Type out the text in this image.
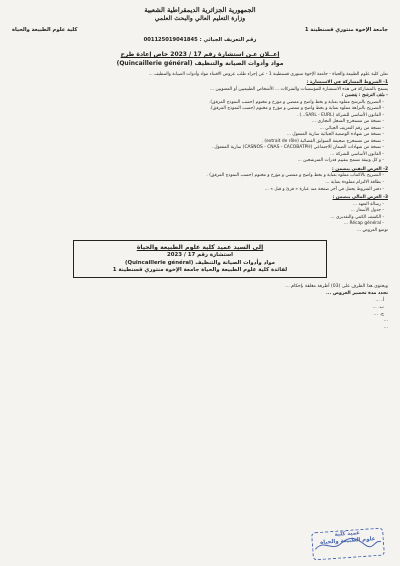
الجمهورية الجزائرية الديمقراطية الشعبية
وزارة التعليم العالي والبحث العلمي
جامعة الإخوة منتوري قسنطينة 1
كلية علوم الطبيعة والحياة
رقم التعريف الجبائي : 001125019041845
إعــلان عـن استشارة رقم 17 / 2023 خاص إعادة طرح
مواد وأدوات الصيانة والتنظيف (Quincaillerie général)

تعلن كلية علوم الطبيعة والحياة - جامعة الإخوة منتوري قسنطينة 1 - عن إجراء طلب عروض الاقتناء مواد وأدوات الصيانة والتنظيف ...

1- الشروط المشاركة في الاستشارة :

يسمح بالمشاركة في هذه الاستشارة للمؤسسات والشركات ... الأشخاص الطبيعيين أو المعنويين ...

- ملف الترشح : يتضمن :
- التصريح بالترشح مملوء بعناية و بخط واضح و ممضي و مؤرخ و مختوم (حسب النموذج المرفق).
- التصريح بالنزاهة مملوء بعناية و بخط واضح و ممضي و مؤرخ و مختوم (حسب النموذج المرفق).
- القانون الأساسي للشركة (SARL - EURL...) .
- نسخة من مستخرج السجل التجاري ...
- نسخة من رقم التعريف الجبائي ...
- نسخة من شهادة الوضعية الجبائية سارية المفعول ...
- نسخة من مستخرج صحيفة السوابق القضائية (extrait de rôle) .
- نسخة من شهادات الضمان الاجتماعي (CASNOS - CNAS - CACOBATPH) سارية المفعول .
- القانون الأساسي للشركة ...
- و كل وثيقة تسمح بتقييم قدرات المترشحين ...
2- العرض التقني يتضمن :
- التصريح بالاكتتاب مملوء بعناية و بخط واضح و ممضي و مؤرخ و مختوم (حسب النموذج المرفق) .
- بطاقة الالتزام مملوءة بعناية ...
- دفتر الشروط يحمل في آخر صفحة منه عبارة « قرئ و قبل » ...
3- العرض المالي يتضمن :
- رسالة التعهد ...
- جدول الأسعار ...
- الكشف الكمي والتقديري ...
- Récap général ...

توضع العروض ...

إلى السيد عميد كلية علوم الطبيعة والحياة
استشارة رقم 17 / 2023
مواد وأدوات الصيانة والتنظيف (Quincaillerie général)
لفائدة كلية علوم الطبيعة والحياة جامعة الإخوة منتوري قسنطينة 1

ويحتوي هذا الظرف على (03) أظرفة مغلقة بإحكام ...

تحدد مدة تحضير العروض ...

أ. ...
ب. ...
ج. ...

...

...

عميد كلية
علوم الطبيعة والحياة
